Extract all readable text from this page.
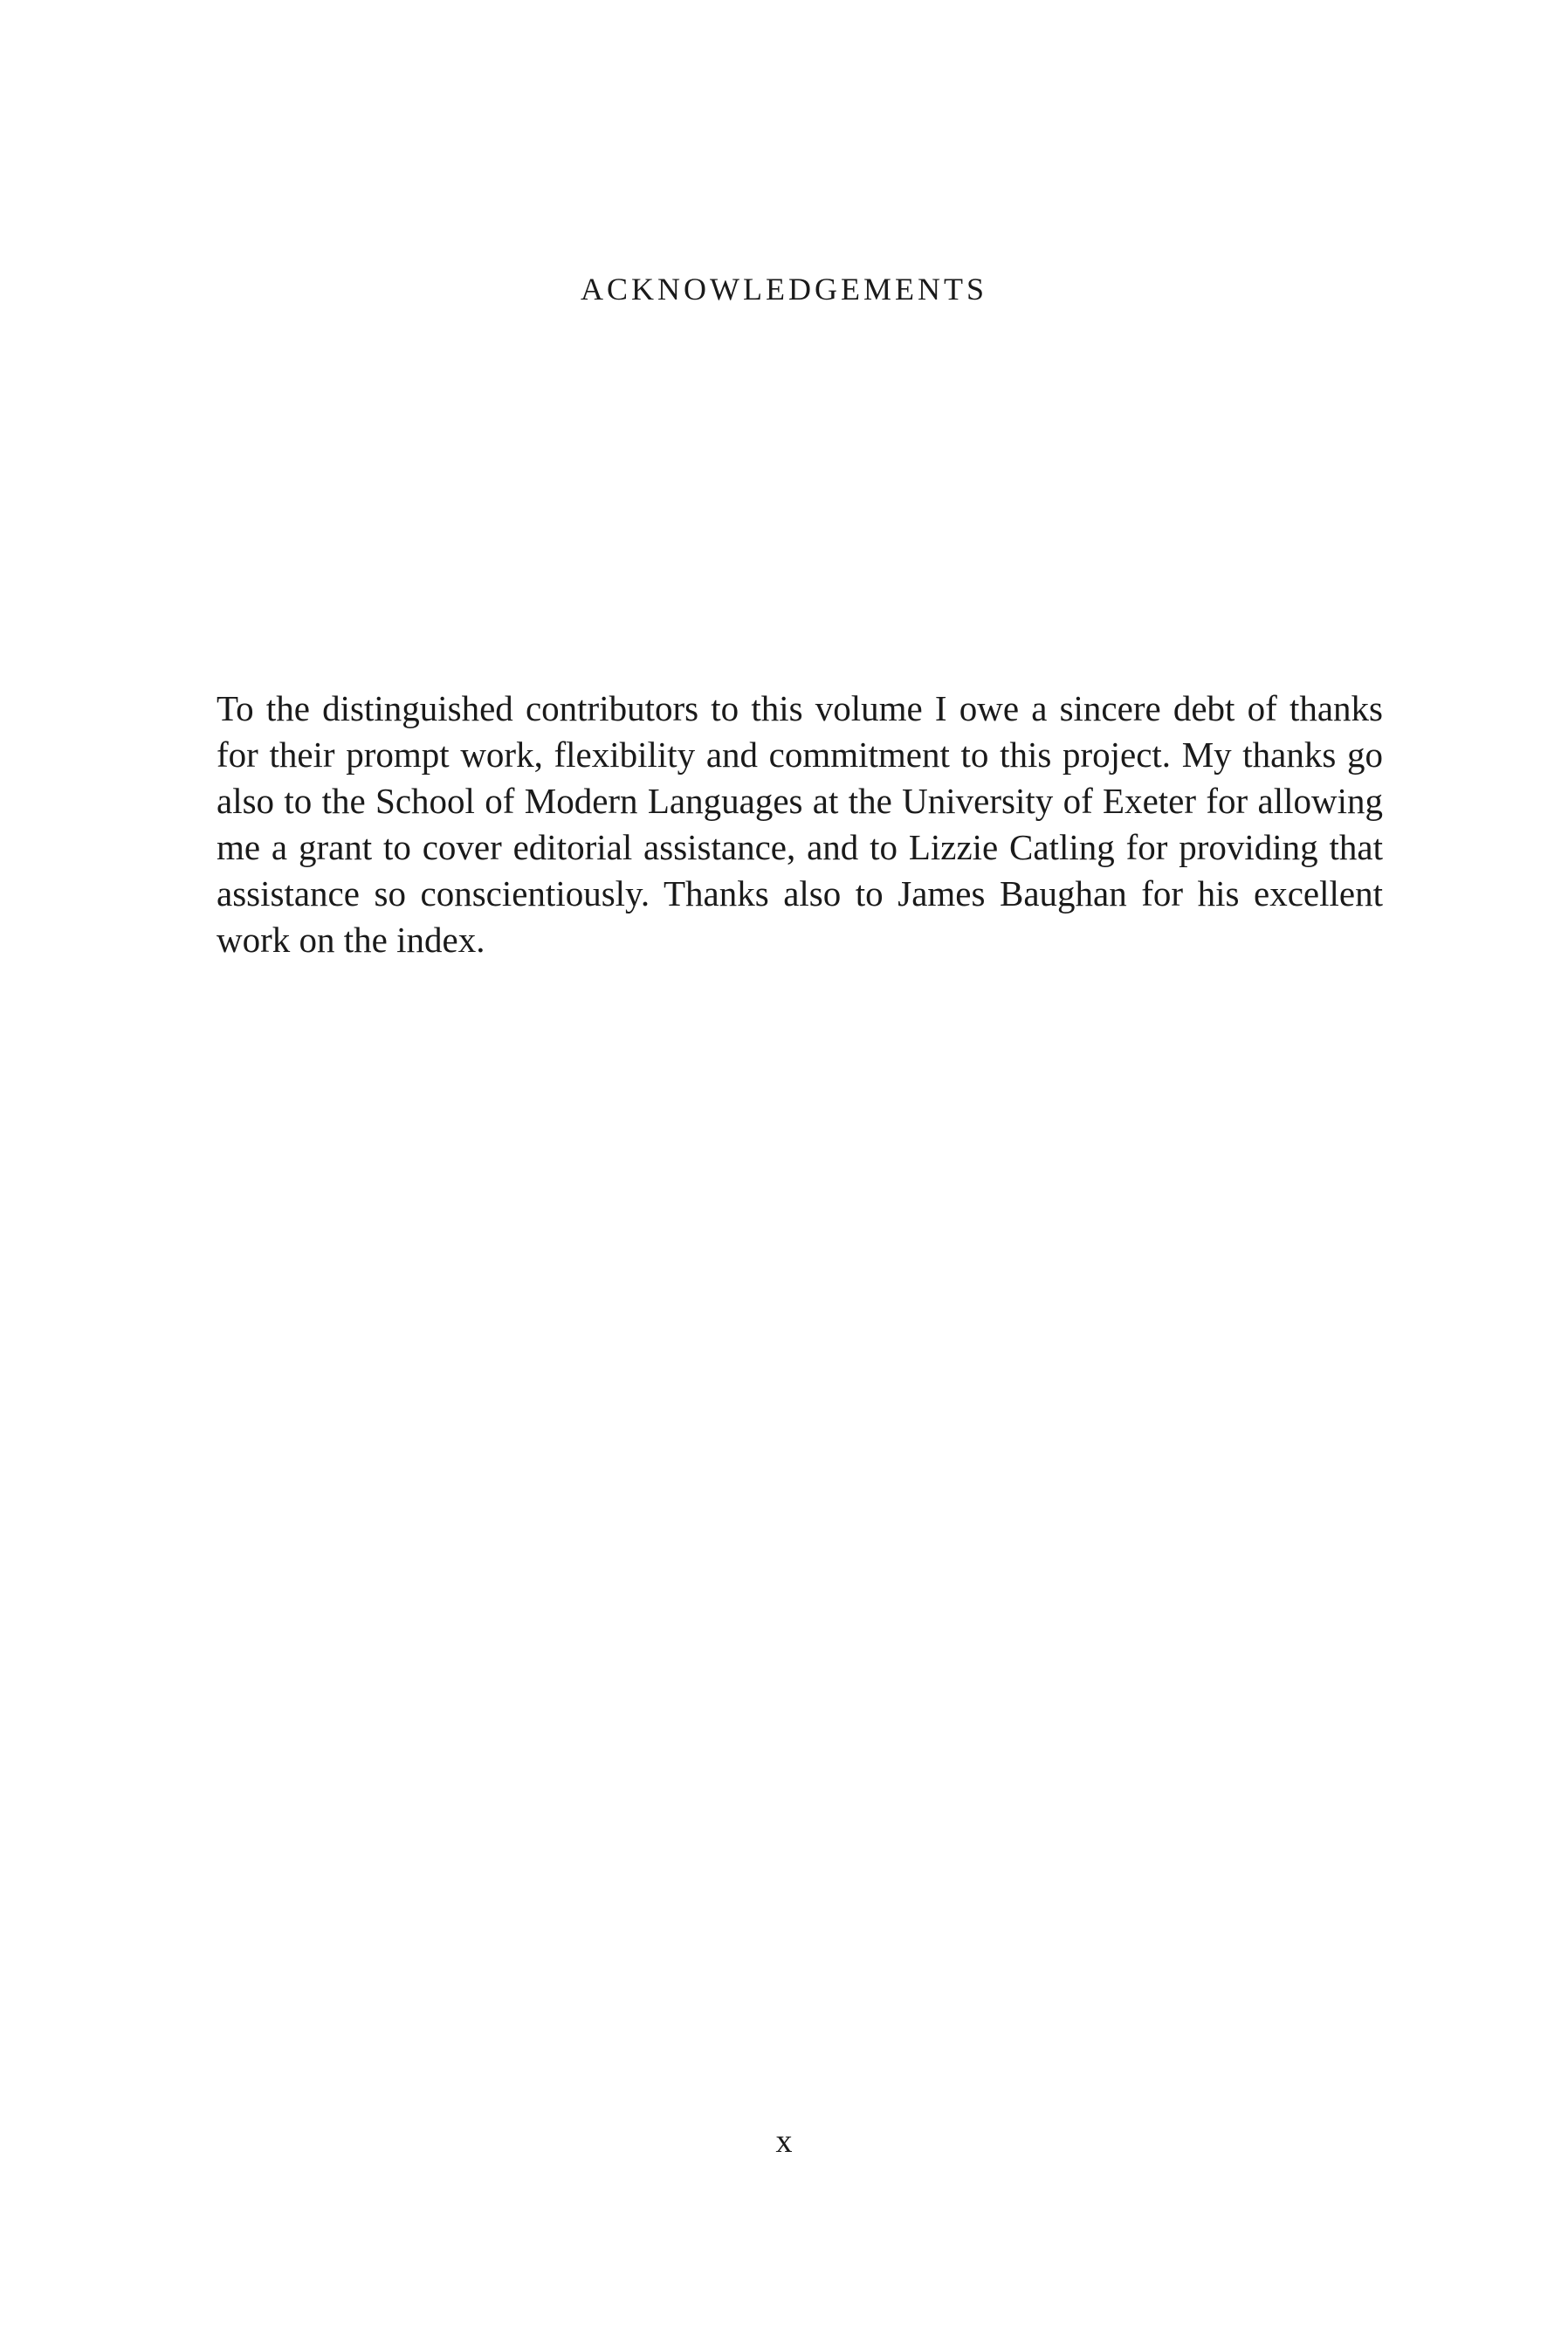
ACKNOWLEDGEMENTS

To the distinguished contributors to this volume I owe a sincere debt of thanks for their prompt work, flexibility and commitment to this project. My thanks go also to the School of Modern Languages at the University of Exeter for allowing me a grant to cover editorial assistance, and to Lizzie Catling for providing that assistance so conscientiously. Thanks also to James Baughan for his excellent work on the index.

x
